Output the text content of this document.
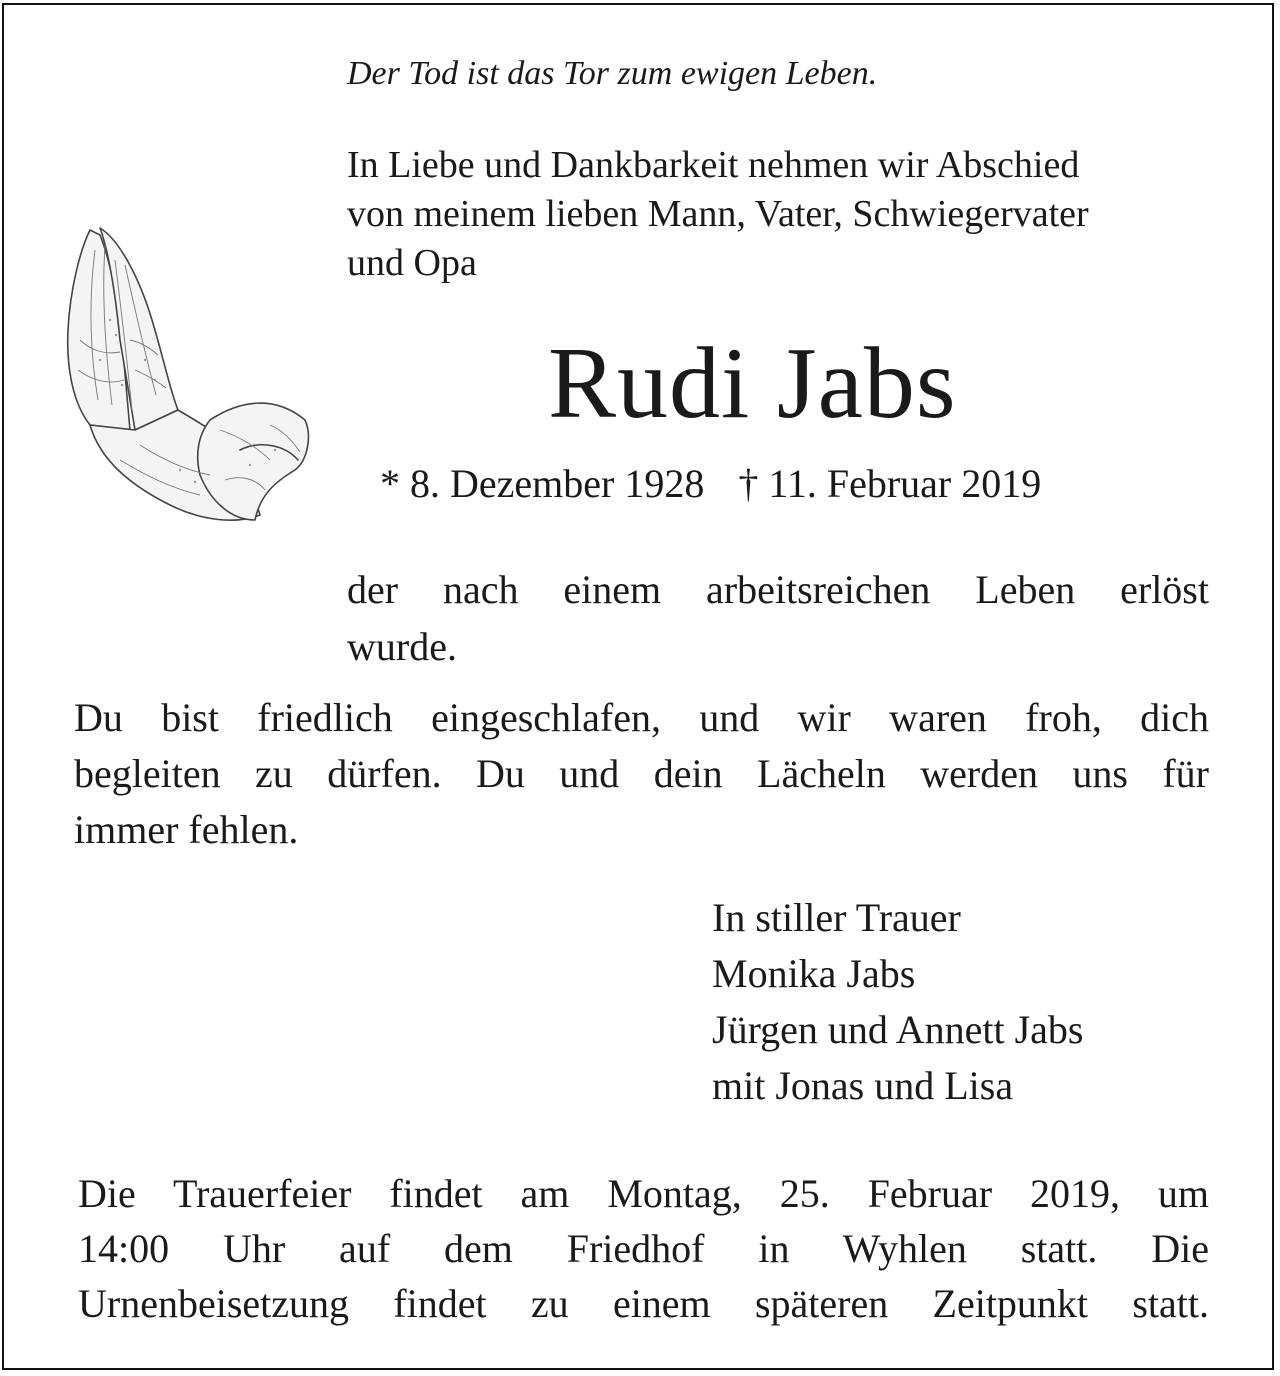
Der Tod ist das Tor zum ewigen Leben.

In Liebe und Dankbarkeit nehmen wir Abschied
von meinem lieben Mann, Vater, Schwiegervater
und Opa

Rudi Jabs

* 8. Dezember 1928 † 11. Februar 2019

der nach einem arbeitsreichen Leben erlöst
wurde.

Du bist friedlich eingeschlafen, und wir waren froh, dich
begleiten zu dürfen. Du und dein Lächeln werden uns für
immer fehlen.

In stiller Trauer
Monika Jabs
Jürgen und Annett Jabs
mit Jonas und Lisa

Die Trauerfeier findet am Montag, 25. Februar 2019, um
14:00 Uhr auf dem Friedhof in Wyhlen statt. Die
Urnenbeisetzung findet zu einem späteren Zeitpunkt statt.
